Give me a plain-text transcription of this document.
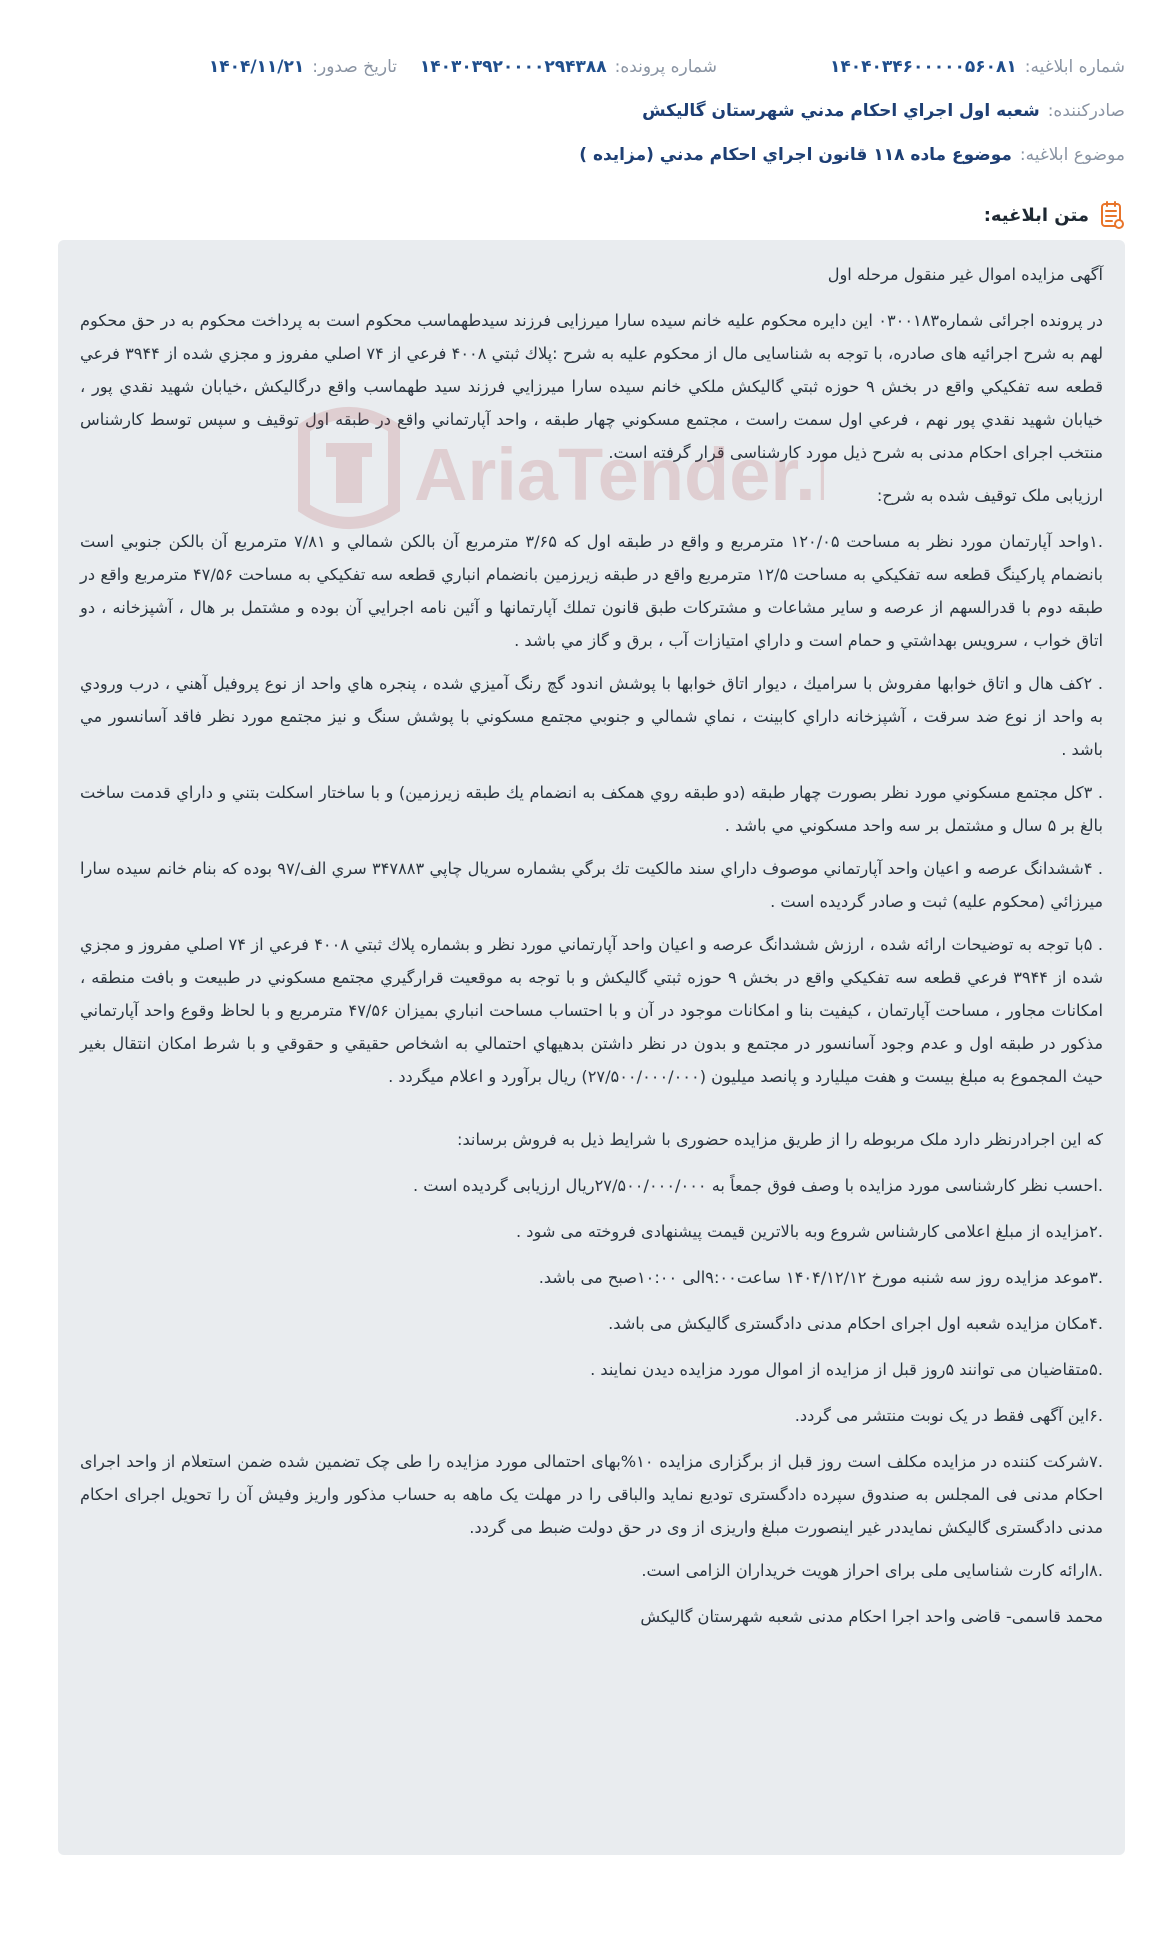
شماره ابلاغیه:
۱۴۰۴۰۳۴۶۰۰۰۰۰۵۶۰۸۱
شماره پرونده:
۱۴۰۳۰۳۹۲۰۰۰۰۲۹۴۳۸۸
تاریخ صدور:
۱۴۰۴/۱۱/۲۱
صادرکننده:
شعبه اول اجراي احكام مدني شهرستان گاليكش
موضوع ابلاغیه:
موضوع ماده ۱۱۸ قانون اجراي احكام مدني (مزايده )
متن ابلاغیه:

آگهی مزایده اموال غیر منقول مرحله اول

در پرونده اجرائی شماره۰۳۰۰۱۸۳ این دایره محکوم علیه خانم سیده سارا میرزایی فرزند سیدطهماسب محکوم است به پرداخت محکوم به در حق محکوم لهم به شرح اجرائیه های صادره، با توجه به شناسایی مال از محکوم علیه به شرح :پلاك ثبتي ۴۰۰۸ فرعي از ۷۴ اصلي مفروز و مجزي شده از ۳۹۴۴ فرعي قطعه سه تفكيكي واقع در بخش ۹ حوزه ثبتي گاليكش ملكي خانم سيده سارا ميرزايي فرزند سيد طهماسب واقع درگاليكش ،خيابان شهيد نقدي پور ، خيابان شهيد نقدي پور نهم ، فرعي اول سمت راست ، مجتمع مسكوني چهار طبقه ، واحد آپارتماني واقع در طبقه اول توقیف و سپس توسط کارشناس منتخب اجرای احکام مدنی به شرح ذیل مورد کارشناسی قرار گرفته است.

ارزیابی ملک توقیف شده به شرح:

.۱واحد آپارتمان مورد نظر به مساحت ۱۲۰/۰۵ مترمربع و واقع در طبقه اول كه ۳/۶۵ مترمربع آن بالكن شمالي و ۷/۸۱ مترمربع آن بالكن جنوبي است بانضمام پاركينگ قطعه سه تفكيكي به مساحت ۱۲/۵ مترمربع واقع در طبقه زيرزمين بانضمام انباري قطعه سه تفكيكي به مساحت ۴۷/۵۶ مترمربع واقع در طبقه دوم با قدرالسهم از عرصه و ساير مشاعات و مشتركات طبق قانون تملك آپارتمانها و آئين نامه اجرايي آن بوده و مشتمل بر هال ، آشپزخانه ، دو اتاق خواب ، سرويس بهداشتي و حمام است و داراي امتيازات آب ، برق و گاز مي باشد .

. ۲كف هال و اتاق خوابها مفروش با سراميك ، ديوار اتاق خوابها با پوشش اندود گچ رنگ آميزي شده ، پنجره هاي واحد از نوع پروفيل آهني ، درب ورودي به واحد از نوع ضد سرقت ، آشپزخانه داراي كابينت ، نماي شمالي و جنوبي مجتمع مسكوني با پوشش سنگ و نيز مجتمع مورد نظر فاقد آسانسور مي باشد .

. ۳كل مجتمع مسكوني مورد نظر بصورت چهار طبقه (دو طبقه روي همكف به انضمام يك طبقه زيرزمين) و با ساختار اسكلت بتني و داراي قدمت ساخت بالغ بر ۵ سال و مشتمل بر سه واحد مسكوني مي باشد .

. ۴ششدانگ عرصه و اعيان واحد آپارتماني موصوف داراي سند مالكيت تك برگي بشماره سريال چاپي ۳۴۷۸۸۳ سري الف/۹۷ بوده كه بنام خانم سيده سارا ميرزائي (محكوم عليه) ثبت و صادر گرديده است .

. ۵با توجه به توضيحات ارائه شده ، ارزش ششدانگ عرصه و اعيان واحد آپارتماني مورد نظر و بشماره پلاك ثبتي ۴۰۰۸ فرعي از ۷۴ اصلي مفروز و مجزي شده از ۳۹۴۴ فرعي قطعه سه تفكيكي واقع در بخش ۹ حوزه ثبتي گاليكش و با توجه به موقعيت قرارگيري مجتمع مسكوني در طبيعت و بافت منطقه ، امكانات مجاور ، مساحت آپارتمان ، كيفيت بنا و امكانات موجود در آن و با احتساب مساحت انباري بميزان ۴۷/۵۶ مترمربع و با لحاظ وقوع واحد آپارتماني مذكور در طبقه اول و عدم وجود آسانسور در مجتمع و بدون در نظر داشتن بدهيهاي احتمالي به اشخاص حقيقي و حقوقي و با شرط امكان انتقال بغير حيث المجموع به مبلغ بيست و هفت ميليارد و پانصد ميليون (۲۷/۵۰۰/۰۰۰/۰۰۰) ريال برآورد و اعلام ميگردد .

که این اجرادرنظر دارد ملک مربوطه را از طریق مزایده حضوری با شرایط ذیل به فروش برساند:

.احسب نظر کارشناسی مورد مزایده با وصف فوق جمعاً به ۲۷/۵۰۰/۰۰۰/۰۰۰ریال ارزیابی گردیده است .

.۲مزایده از مبلغ اعلامی کارشناس شروع وبه بالاترین قیمت پیشنهادی فروخته می شود .

.۳موعد مزایده روز سه شنبه مورخ ۱۴۰۴/۱۲/۱۲ ساعت۹:۰۰الی ۱۰:۰۰صبح می باشد.

.۴مکان مزایده شعبه اول اجرای احکام مدنی دادگستری گالیکش می باشد.

.۵متقاضیان می توانند ۵روز قبل از مزایده از اموال مورد مزایده دیدن نمایند .

.۶این آگهی فقط در یک نوبت منتشر می گردد.

.۷شرکت کننده در مزایده مکلف است روز قبل از برگزاری مزایده ۱۰%بهای احتمالی مورد مزایده را طی چک تضمین شده ضمن استعلام از واحد اجرای احکام مدنی فی المجلس به صندوق سپرده دادگستری تودیع نماید والباقی را در مهلت یک ماهه به حساب مذکور واریز وفیش آن را تحویل اجرای احکام مدنی دادگستری گالیکش نمایددر غیر اینصورت مبلغ واریزی از وی در حق دولت ضبط می گردد.

.۸ارائه کارت شناسایی ملی برای احراز هویت خریداران الزامی است.

محمد قاسمی- قاضی واحد اجرا احکام مدنی شعبه شهرستان گالیکش
